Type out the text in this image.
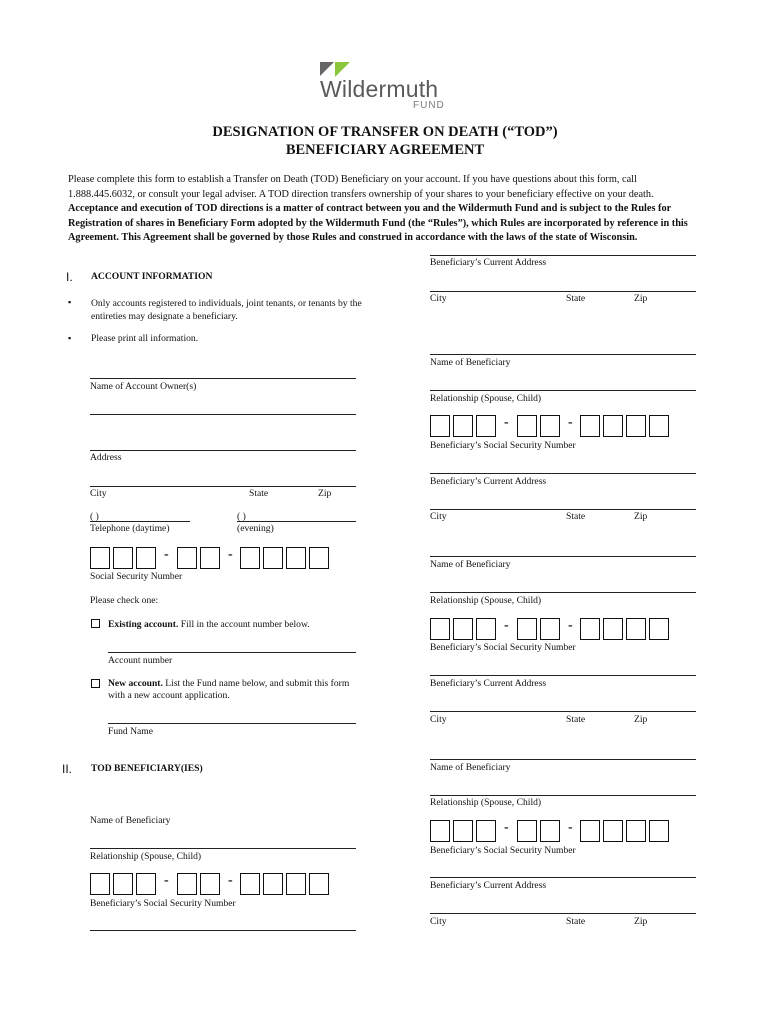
Wildermuth
FUND
DESIGNATION OF TRANSFER ON DEATH (“TOD”)
BENEFICIARY AGREEMENT
Please complete this form to establish a Transfer on Death (TOD) Beneficiary on your account. If you have questions about this form, call 1.888.445.6032, or consult your legal adviser. A TOD direction transfers ownership of your shares to your beneficiary effective on your death. Acceptance and execution of TOD directions is a matter of contract between you and the Wildermuth Fund and is subject to the Rules for Registration of shares in Beneficiary Form adopted by the Wildermuth Fund (the “Rules”), which Rules are incorporated by reference in this Agreement. This Agreement shall be governed by those Rules and construed in accordance with the laws of the state of Wisconsin.
I. ACCOUNT INFORMATION
▪ Only accounts registered to individuals, joint tenants, or tenants by the entireties may designate a beneficiary.
▪ Please print all information.
Name of Account Owner(s)
Address
City	State	Zip
( )
Telephone (daytime)
( )
(evening)
-	-
Social Security Number
Please check one:
Existing account. Fill in the account number below.
Account number
New account. List the Fund name below, and submit this form with a new account application.
Fund Name
II. TOD BENEFICIARY(IES)
Name of Beneficiary
Relationship (Spouse, Child)
-	-
Beneficiary’s Social Security Number
Beneficiary’s Current Address
City	State	Zip
Name of Beneficiary
Relationship (Spouse, Child)
-	-
Beneficiary’s Social Security Number
Beneficiary’s Current Address
City	State	Zip
Name of Beneficiary
Relationship (Spouse, Child)
-	-
Beneficiary’s Social Security Number
Beneficiary’s Current Address
City	State	Zip
Name of Beneficiary
Relationship (Spouse, Child)
-	-
Beneficiary’s Social Security Number
Beneficiary’s Current Address
City	State	Zip
